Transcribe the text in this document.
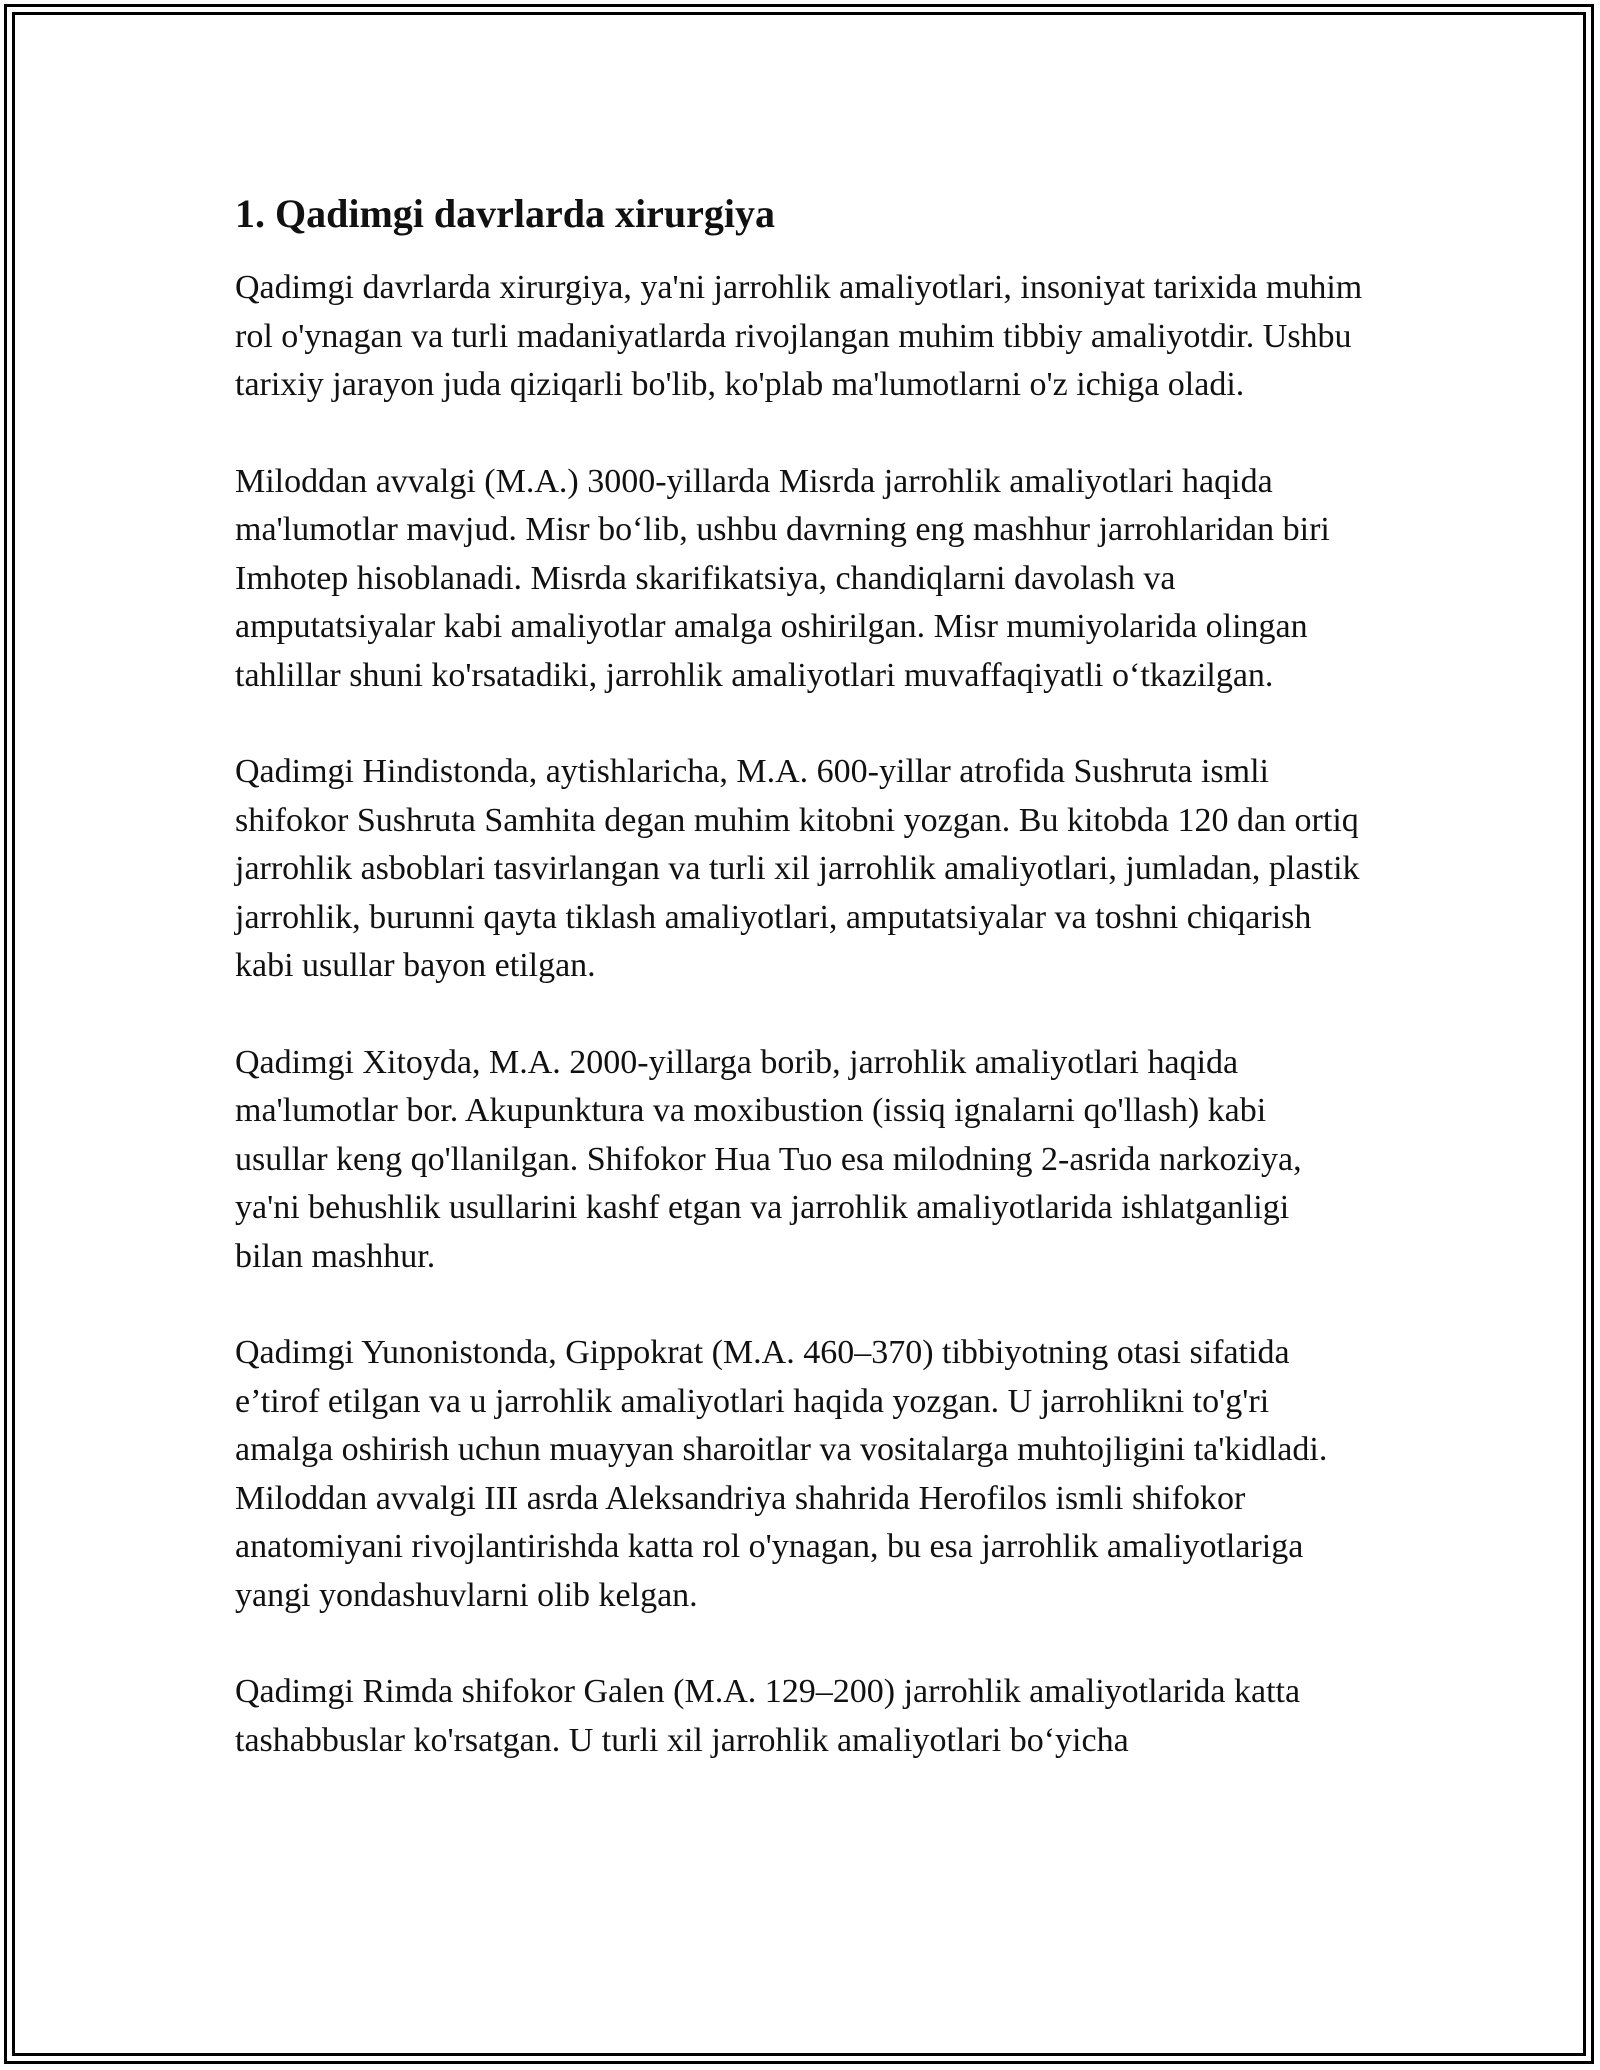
1. Qadimgi davrlarda xirurgiya

Qadimgi davrlarda xirurgiya, ya'ni jarrohlik amaliyotlari, insoniyat tarixida muhim rol o'ynagan va turli madaniyatlarda rivojlangan muhim tibbiy amaliyotdir. Ushbu tarixiy jarayon juda qiziqarli bo'lib, ko'plab ma'lumotlarni o'z ichiga oladi.

Miloddan avvalgi (M.A.) 3000-yillarda Misrda jarrohlik amaliyotlari haqida ma'lumotlar mavjud. Misr bo‘lib, ushbu davrning eng mashhur jarrohlaridan biri Imhotep hisoblanadi. Misrda skarifikatsiya, chandiqlarni davolash va amputatsiyalar kabi amaliyotlar amalga oshirilgan. Misr mumiyolarida olingan tahlillar shuni ko'rsatadiki, jarrohlik amaliyotlari muvaffaqiyatli o‘tkazilgan.

Qadimgi Hindistonda, aytishlaricha, M.A. 600-yillar atrofida Sushruta ismli shifokor Sushruta Samhita degan muhim kitobni yozgan. Bu kitobda 120 dan ortiq jarrohlik asboblari tasvirlangan va turli xil jarrohlik amaliyotlari, jumladan, plastik jarrohlik, burunni qayta tiklash amaliyotlari, amputatsiyalar va toshni chiqarish kabi usullar bayon etilgan.

Qadimgi Xitoyda, M.A. 2000-yillarga borib, jarrohlik amaliyotlari haqida ma'lumotlar bor. Akupunktura va moxibustion (issiq ignalarni qo'llash) kabi usullar keng qo'llanilgan. Shifokor Hua Tuo esa milodning 2-asrida narkoziya, ya'ni behushlik usullarini kashf etgan va jarrohlik amaliyotlarida ishlatganligi bilan mashhur.

Qadimgi Yunonistonda, Gippokrat (M.A. 460–370) tibbiyotning otasi sifatida e’tirof etilgan va u jarrohlik amaliyotlari haqida yozgan. U jarrohlikni to'g'ri amalga oshirish uchun muayyan sharoitlar va vositalarga muhtojligini ta'kidladi. Miloddan avvalgi III asrda Aleksandriya shahrida Herofilos ismli shifokor anatomiyani rivojlantirishda katta rol o'ynagan, bu esa jarrohlik amaliyotlariga yangi yondashuvlarni olib kelgan.

Qadimgi Rimda shifokor Galen (M.A. 129–200) jarrohlik amaliyotlarida katta tashabbuslar ko'rsatgan. U turli xil jarrohlik amaliyotlari bo‘yicha
